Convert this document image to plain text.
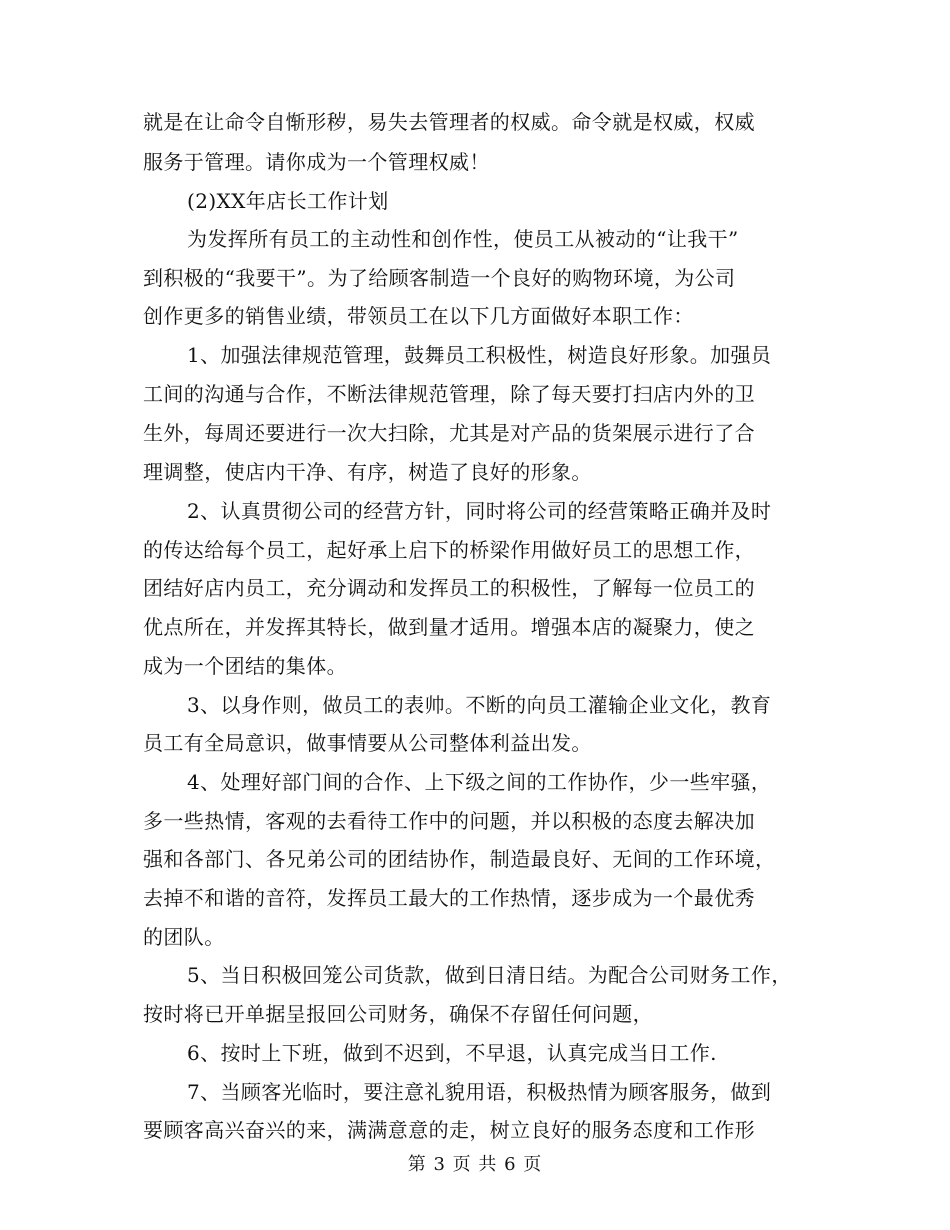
就是在让命令自惭形秽，易失去管理者的权威。命令就是权威，权威
服务于管理。请你成为一个管理权威！
(2)XX年店长工作计划
为发挥所有员工的主动性和创作性，使员工从被动的“让我干”
到积极的“我要干”。为了给顾客制造一个良好的购物环境，为公司
创作更多的销售业绩，带领员工在以下几方面做好本职工作：
1、加强法律规范管理，鼓舞员工积极性，树造良好形象。加强员
工间的沟通与合作，不断法律规范管理，除了每天要打扫店内外的卫
生外，每周还要进行一次大扫除，尤其是对产品的货架展示进行了合
理调整，使店内干净、有序，树造了良好的形象。
2、认真贯彻公司的经营方针，同时将公司的经营策略正确并及时
的传达给每个员工，起好承上启下的桥梁作用做好员工的思想工作，
团结好店内员工，充分调动和发挥员工的积极性，了解每一位员工的
优点所在，并发挥其特长，做到量才适用。增强本店的凝聚力，使之
成为一个团结的集体。
3、以身作则，做员工的表帅。不断的向员工灌输企业文化，教育
员工有全局意识，做事情要从公司整体利益出发。
4、处理好部门间的合作、上下级之间的工作协作，少一些牢骚，
多一些热情，客观的去看待工作中的问题，并以积极的态度去解决加
强和各部门、各兄弟公司的团结协作，制造最良好、无间的工作环境，
去掉不和谐的音符，发挥员工最大的工作热情，逐步成为一个最优秀
的团队。
5、当日积极回笼公司货款，做到日清日结。为配合公司财务工作，
按时将已开单据呈报回公司财务，确保不存留任何问题，
6、按时上下班，做到不迟到，不早退，认真完成当日工作.
7、当顾客光临时，要注意礼貌用语，积极热情为顾客服务，做到
要顾客高兴奋兴的来，满满意意的走，树立良好的服务态度和工作形
第 3 页 共 6 页
